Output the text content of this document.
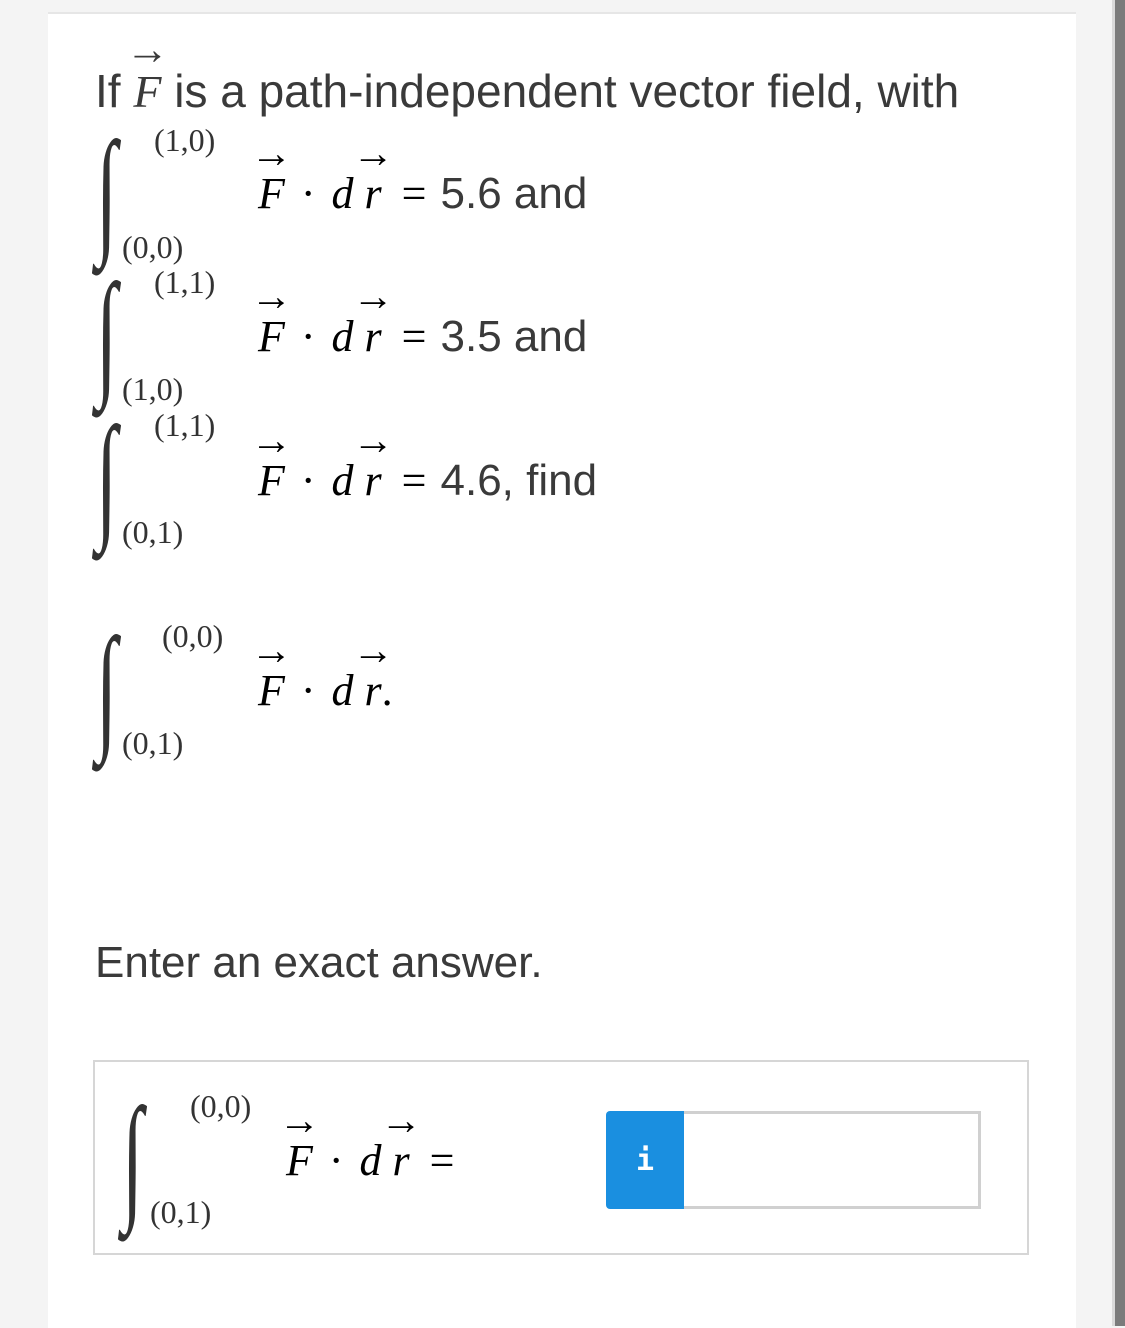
If
→
F is a path-independent vector field, with
∫ (1,0)
(0,0)
→
F · d
→
r = 5.6 and
∫ (1,1)
(1,0)
→
F · d
→
r = 3.5 and
∫ (1,1)
(0,1)
→
F · d
→
r = 4.6, find
∫ (0,0)
(0,1)
→
F · d
→
r.
Enter an exact answer.
∫ (0,0)
(0,1)
→
F · d
→
r =	i
